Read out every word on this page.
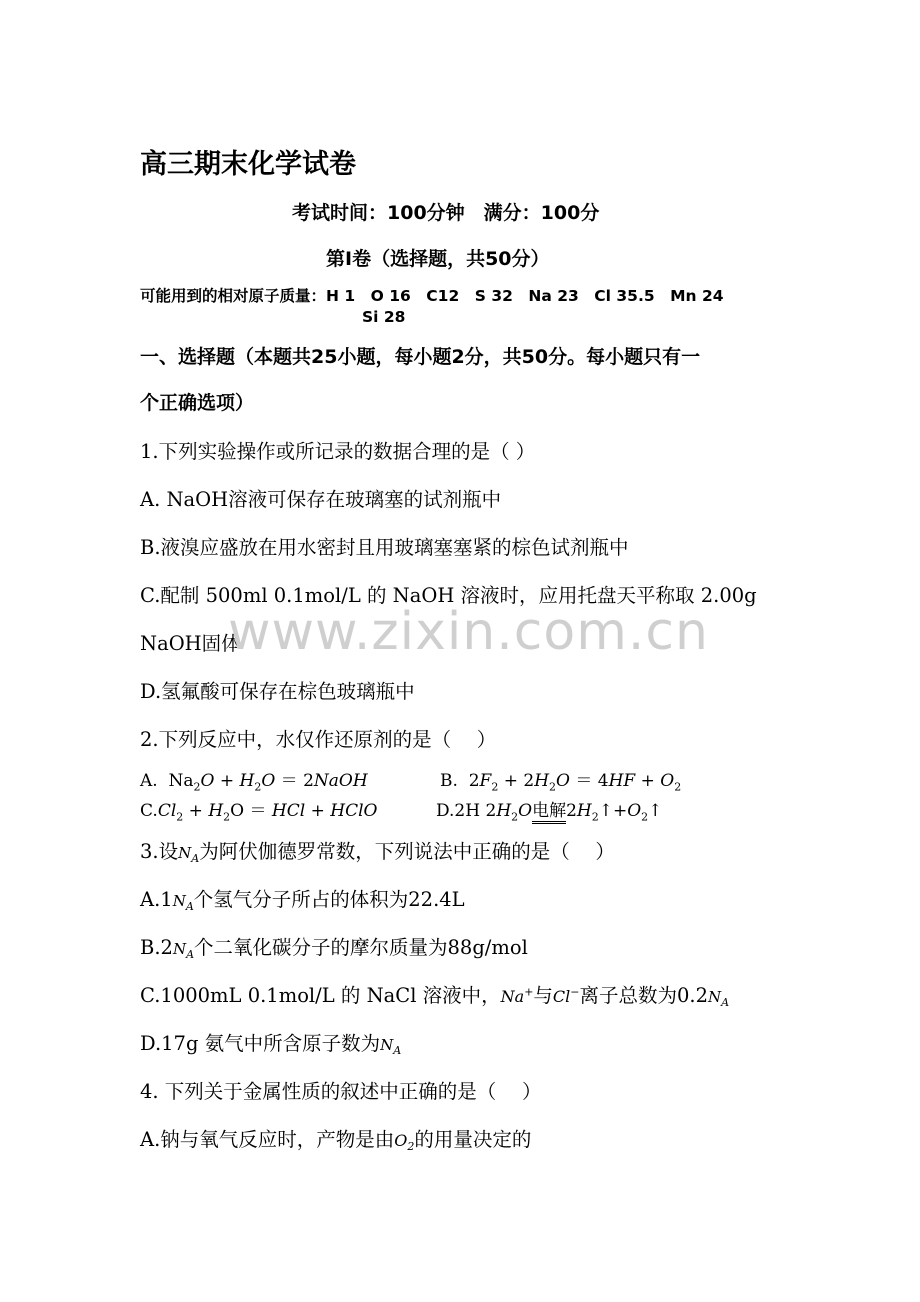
高三期末化学试卷
考试时间：100分钟　满分：100分
第Ⅰ卷（选择题，共50分）
可能用到的相对原子质量：H 1　O 16　C12　S 32　Na 23　Cl 35.5　Mn 24
Si 28
一、选择题（本题共25小题，每小题2分，共50分。每小题只有一
个正确选项）
1.下列实验操作或所记录的数据合理的是（ ）
A. NaOH溶液可保存在玻璃塞的试剂瓶中
B.液溴应盛放在用水密封且用玻璃塞塞紧的棕色试剂瓶中
C.配制 500ml 0.1mol/L 的 NaOH 溶液时，应用托盘天平称取 2.00g
NaOH固体
www.zixin.com.cn
D.氢氟酸可保存在棕色玻璃瓶中
2.下列反应中，水仅作还原剂的是（　 ）
A.  $Na_2O + H_2O$ ＝ 2NaOH	B.  $2F_2 + 2H_2O = 4HF + O_2$
$C.Cl_2 + H_2O$ ＝ HCl + HClO	D.2H $2H_2O$电解$2H_2↑+O_2↑$
3.设$N_A$为阿伏伽德罗常数，下列说法中正确的是（　 ）
$A.1N_A$个氢气分子所占的体积为22.4L
$B.2N_A$个二氧化碳分子的摩尔质量为88g/mol
C.1000mL 0.1mol/L 的 NaCl 溶液中，Na+与Cl−离子总数为$0.2N_A$
D.17g 氨气中所含原子数为$N_A$
4. 下列关于金属性质的叙述中正确的是（　 ）
A.钠与氧气反应时，产物是由$O_2$的用量决定的
